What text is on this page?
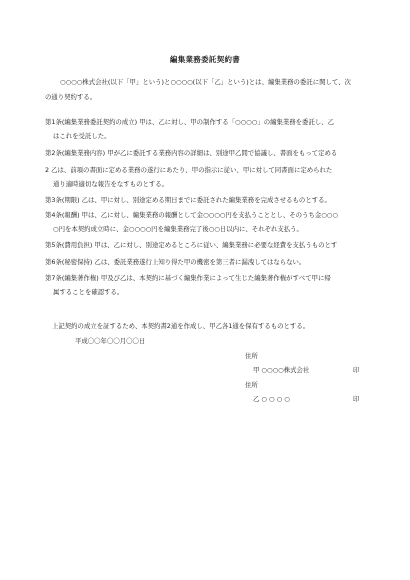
編集業務委託契約書
○○○○株式会社(以下「甲」という)と○○○○(以下「乙」という)とは、編集業務の委託に関して、次
の通り契約する。
第1条(編集業務委託契約の成立) 甲は、乙に対し、甲の制作する「○○○○」の編集業務を委託し、乙
はこれを受託した。
第2条(編集業務内容) 甲が乙に委託する業務内容の詳細は、別途甲乙間で協議し、書面をもって定める
2 乙は、前項の書面に定める業務の遂行にあたり、甲の指示に従い、甲に対して同書面に定められた
通り適時適切な報告をなすものとする。
第3条(期限) 乙は、甲に対し、別途定める期日までに委託された編集業務を完成させるものとする。
第4条(報酬) 甲は、乙に対し、編集業務の報酬として金○○○○円を支払うこととし、そのうち金○○○
○円を本契約成立時に、金○○○○円を編集業務完了後○○日以内に、それぞれ支払う。
第5条(費用負担) 甲は、乙に対し、別途定めるところに従い、編集業務に必要な経費を支払うものとす
第6条(秘密保持) 乙は、委託業務遂行上知り得た甲の機密を第三者に漏洩してはならない。
第7条(編集著作権) 甲及び乙は、本契約に基づく編集作業によって生じた編集著作権がすべて甲に帰
属することを確認する。
上記契約の成立を証するため、本契約書2通を作成し、甲乙各1通を保有するものとする。
平成〇〇年〇〇月〇〇日
住所
甲 ○○○○株式会社	印
住所
乙 ○ ○ ○ ○	印
